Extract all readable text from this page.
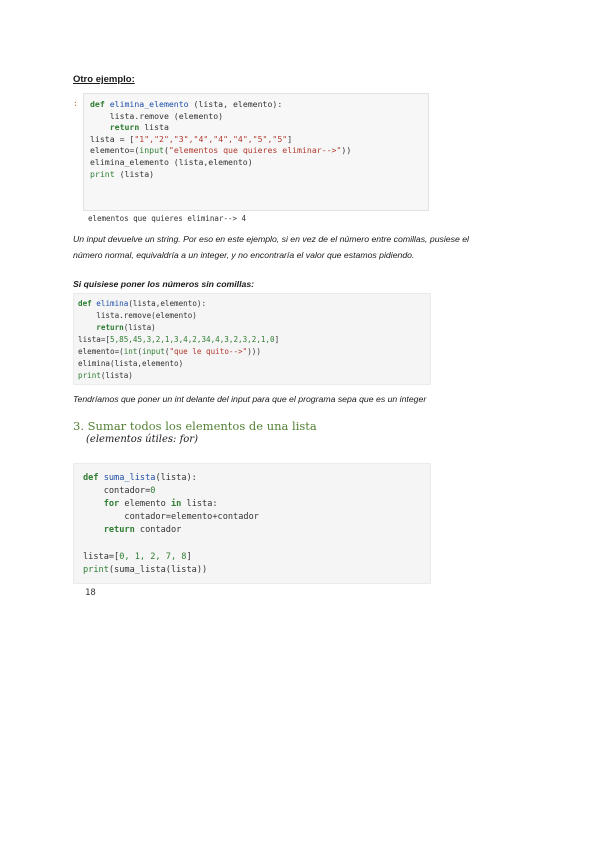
Otro ejemplo:
: def elimina_elemento (lista, elemento):
lista.remove (elemento)
return lista
lista = ["1","2","3","4","4","4","5","5"]
elemento=(input("elementos que quieres eliminar-->"))
elimina_elemento (lista,elemento)
print (lista)
elementos que quieres eliminar--> 4
Un input devuelve un string. Por eso en este ejemplo, si en vez de el número entre comillas, pusiese el
número normal, equivaldría a un integer, y no encontraría el valor que estamos pidiendo.
Si quisiese poner los números sin comillas:
def elimina(lista,elemento):
lista.remove(elemento)
return(lista)
lista=[5,85,45,3,2,1,3,4,2,34,4,3,2,3,2,1,0]
elemento=(int(input("que le quito-->")))
elimina(lista,elemento)
print(lista)
Tendríamos que poner un int delante del input para que el programa sepa que es un integer
3. Sumar todos los elementos de una lista
(elementos útiles: for)
def suma_lista(lista):
contador=0
for elemento in lista:
contador=elemento+contador
return contador

lista=[0, 1, 2, 7, 8]
print(suma_lista(lista))
18
